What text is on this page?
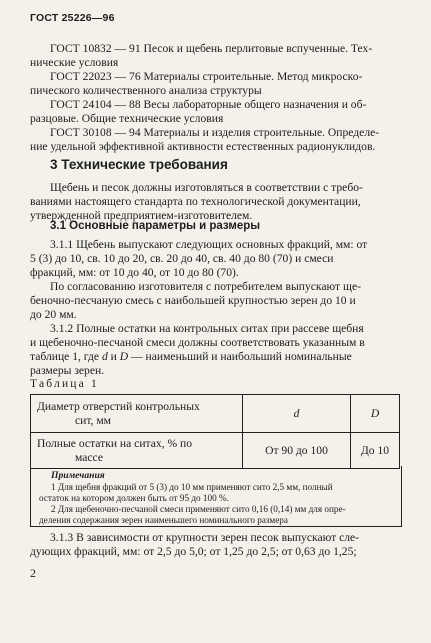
ГОСТ 25226—96
ГОСТ 10832 — 91 Песок и щебень перлитовые вспученные. Тех-
нические условия
ГОСТ 22023 — 76 Материалы строительные. Метод микроско-
пического количественного анализа структуры
ГОСТ 24104 — 88 Весы лабораторные общего назначения и об-
разцовые. Общие технические условия
ГОСТ 30108 — 94 Материалы и изделия строительные. Определе-
ние удельной эффективной активности естественных радионуклидов.
3 Технические требования
Щебень и песок должны изготовляться в соответствии с требо-
ваниями настоящего стандарта по технологической документации,
утвержденной предприятием-изготовителем.
3.1 Основные параметры и размеры
3.1.1 Щебень выпускают следующих основных фракций, мм: от
5 (3) до 10, св. 10 до 20, св. 20 до 40, св. 40 до 80 (70) и смеси
фракций, мм: от 10 до 40, от 10 до 80 (70).
По согласованию изготовителя с потребителем выпускают ще-
беночно-песчаную смесь с наибольшей крупностью зерен до 10 и
до 20 мм.
3.1.2 Полные остатки на контрольных ситах при рассеве щебня
Таблица 1
Диаметр отверстий контрольных
сит, мм	d	D
Полные остатки на ситах, % по
массе	От 90 до 100	До 10
Примечания
1 Для щебня фракций от 5 (3) до 10 мм применяют сито 2,5 мм, полный
остаток на котором должен быть от 95 до 100 %.
2 Для щебеночно-песчаной смеси применяют сито 0,16 (0,14) мм для опре-
деления содержания зерен наименьшего номинального размера
3.1.3 В зависимости от крупности зерен песок выпускают сле-
дующих фракций, мм: от 2,5 до 5,0; от 1,25 до 2,5; от 0,63 до 1,25;
2
и щебеночно-песчаной смеси должны соответствовать указанным в
таблице 1, где d и D — наименьший и наибольший номинальные
размеры зерен.
